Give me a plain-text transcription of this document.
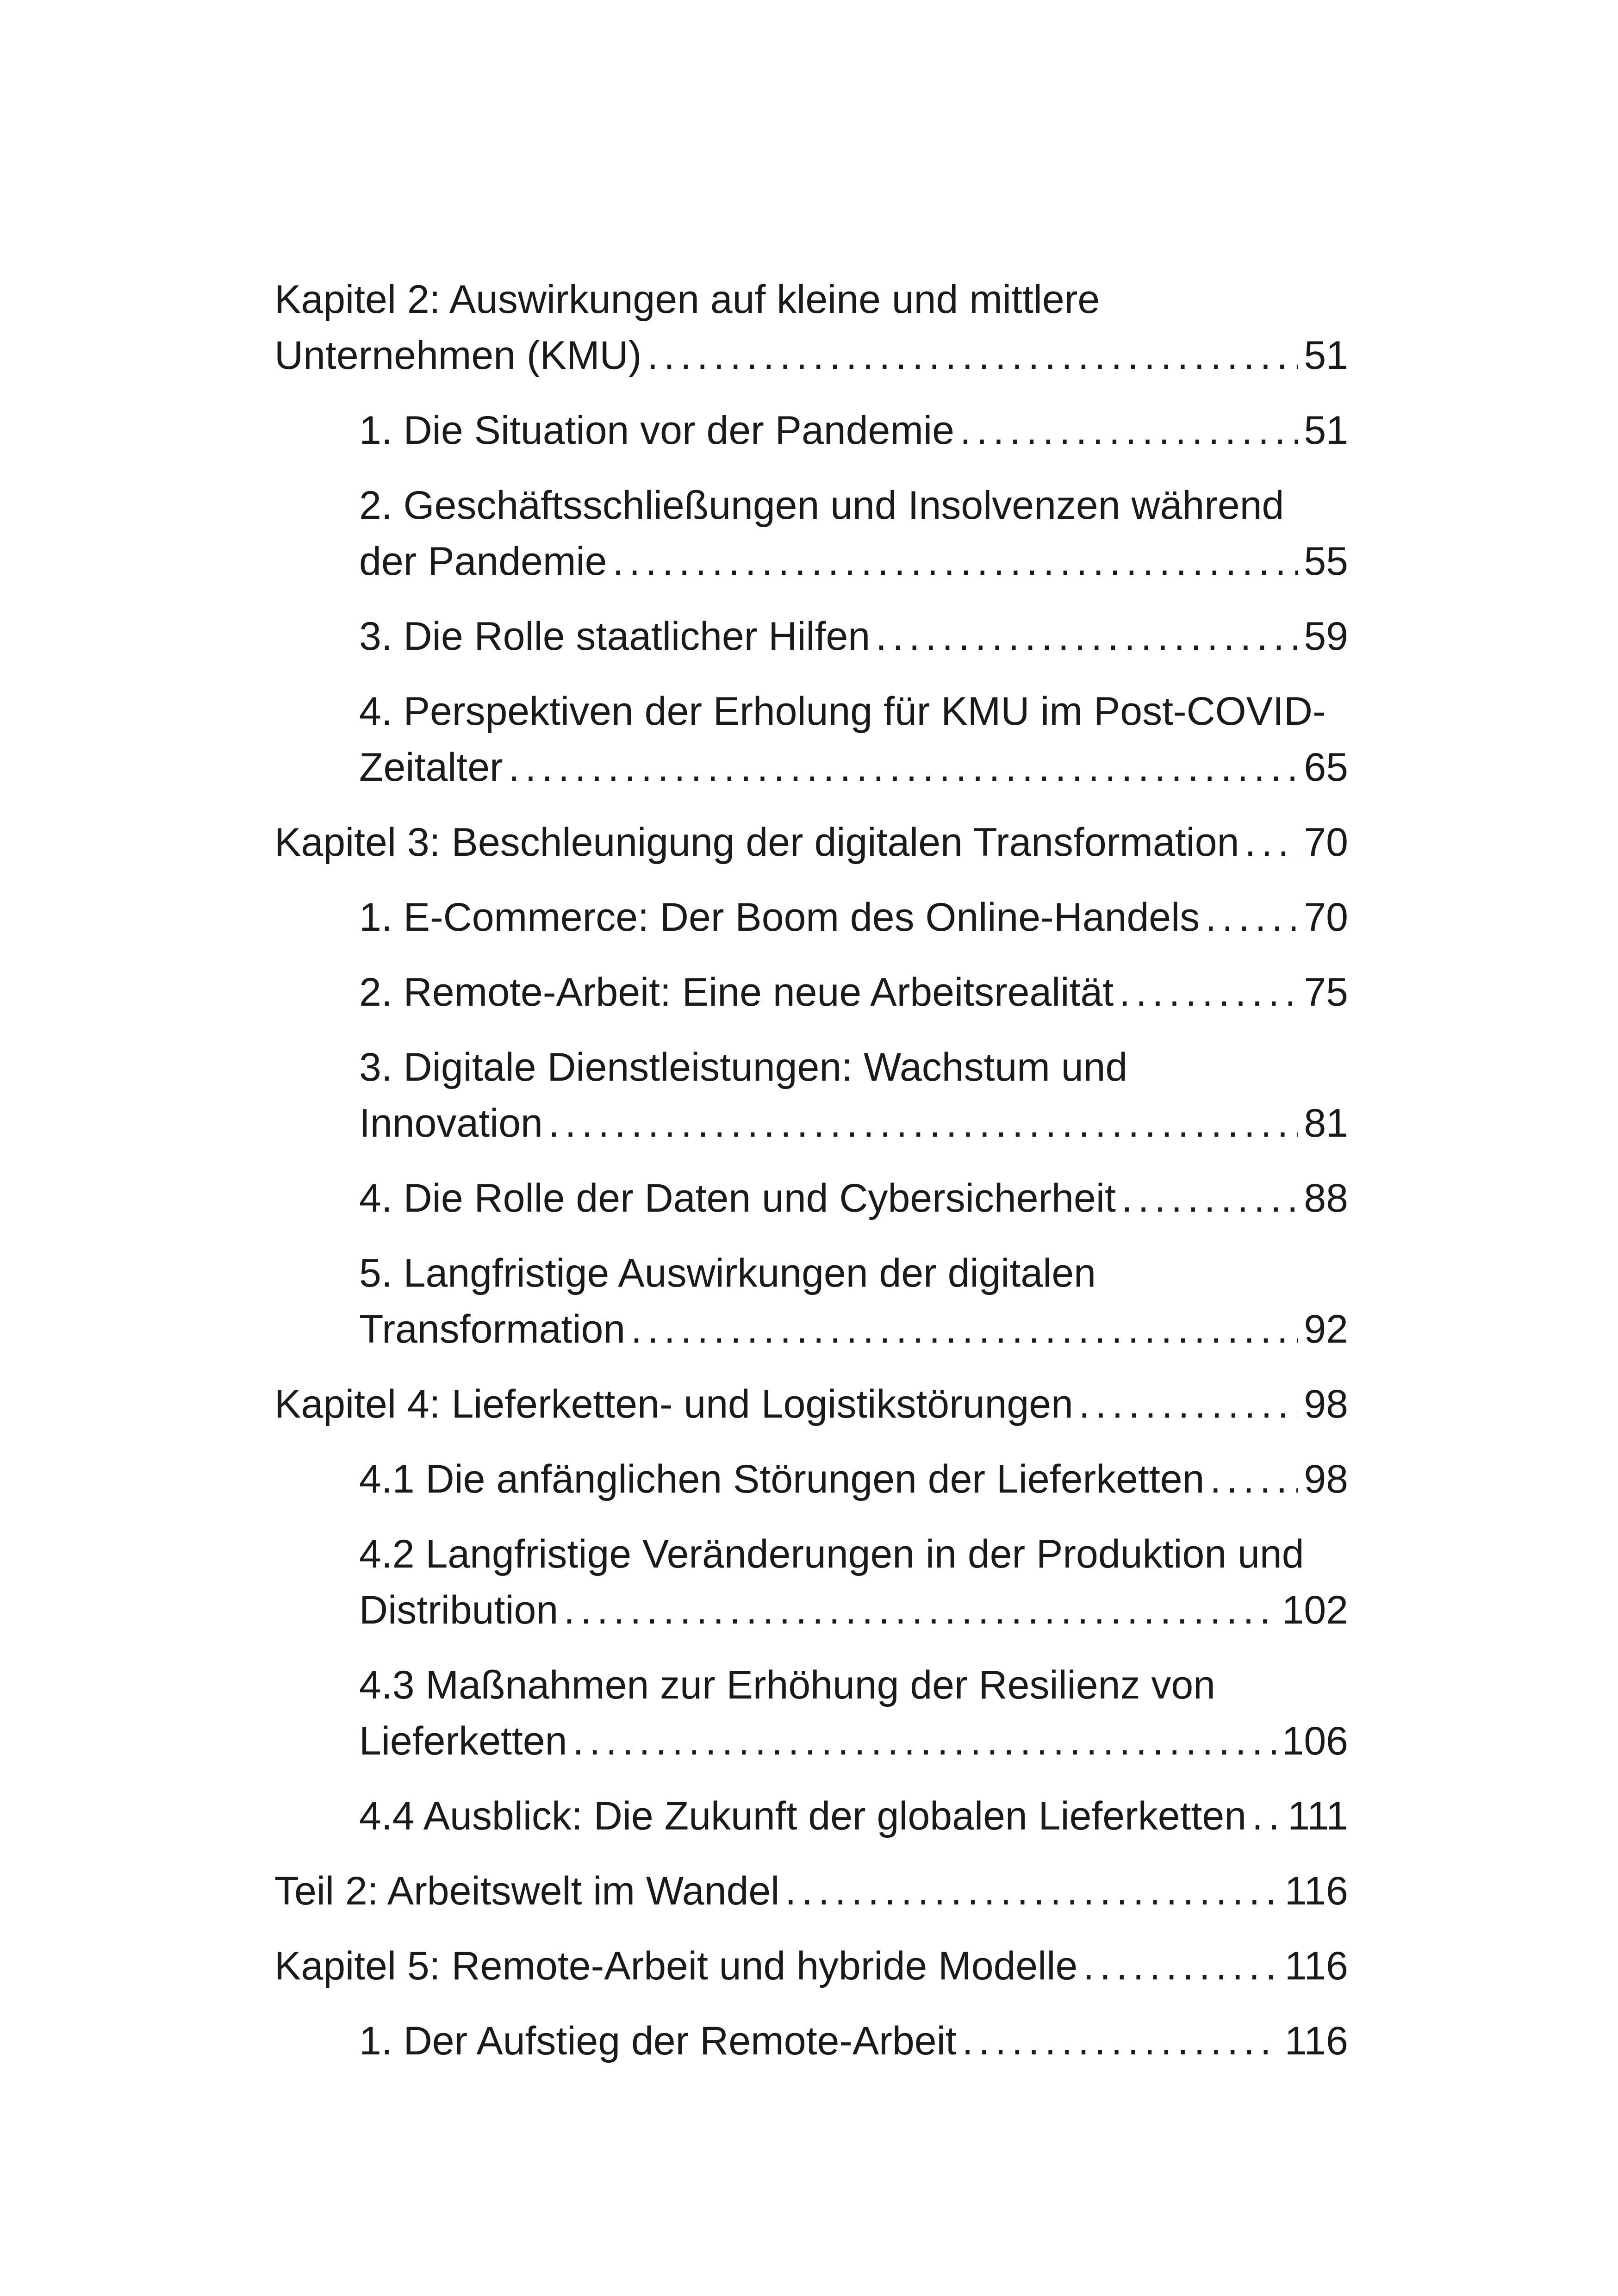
Kapitel 2: Auswirkungen auf kleine und mittlere
Unternehmen (KMU) . . .	51
1. Die Situation vor der Pandemie . . .	51
2. Geschäftsschließungen und Insolvenzen während
der Pandemie . . .	55
3. Die Rolle staatlicher Hilfen . . .	59
4. Perspektiven der Erholung für KMU im Post-COVID-
Zeitalter . . .	65
Kapitel 3: Beschleunigung der digitalen Transformation . . . 70
1. E-Commerce: Der Boom des Online-Handels . . .	70
2. Remote-Arbeit: Eine neue Arbeitsrealität . . .	75
3. Digitale Dienstleistungen: Wachstum und
Innovation . . .	81
4. Die Rolle der Daten und Cybersicherheit . . .	88
5. Langfristige Auswirkungen der digitalen
Transformation . . .	92
Kapitel 4: Lieferketten- und Logistikstörungen . . .	98
4.1 Die anfänglichen Störungen der Lieferketten . . . 98
4.2 Langfristige Veränderungen in der Produktion und
Distribution . . .	102
4.3 Maßnahmen zur Erhöhung der Resilienz von
Lieferketten . . .	106
4.4 Ausblick: Die Zukunft der globalen Lieferketten . . . 111
Teil 2: Arbeitswelt im Wandel . . .	116
Kapitel 5: Remote-Arbeit und hybride Modelle . . .	116
1. Der Aufstieg der Remote-Arbeit . . .	116
